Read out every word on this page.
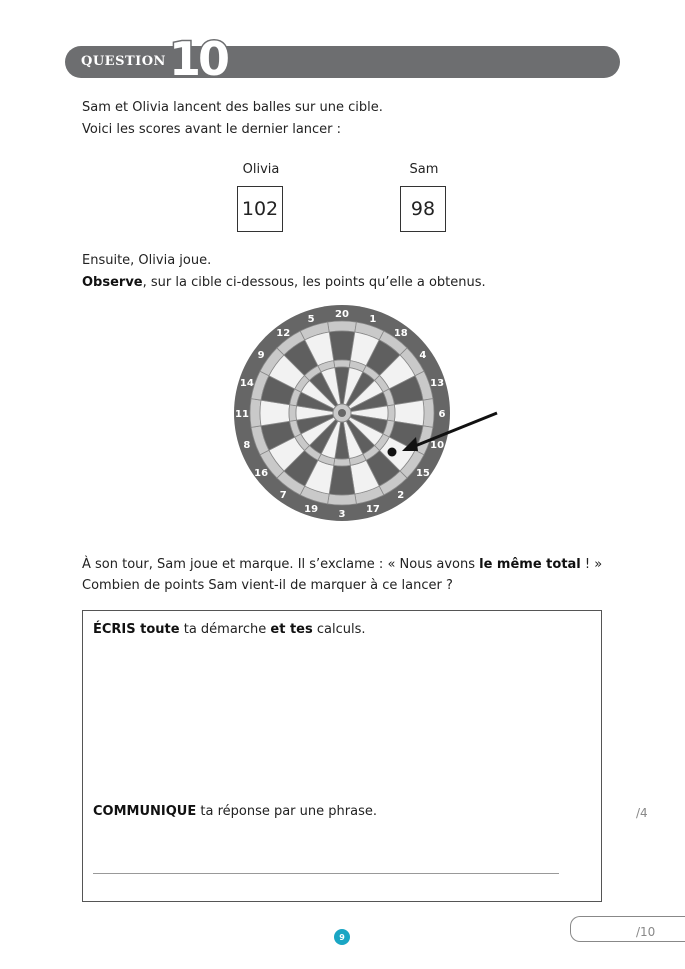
QUESTION 10

Sam et Olivia lancent des balles sur une cible.

Voici les scores avant le dernier lancer :

Olivia
102
Sam
98

Ensuite, Olivia joue.

Observe, sur la cible ci-dessous, les points qu’elle a obtenus.

20 1
18
4
13
6
10
15
2
17
3
19
7
16
8
11
14
9
12
5

À son tour, Sam joue et marque. Il s’exclame : « Nous avons le même total ! »

Combien de points Sam vient-il de marquer à ce lancer ?

ÉCRIS toute ta démarche et tes calculs.

COMMUNIQUE ta réponse par une phrase.	/4
/10
9
